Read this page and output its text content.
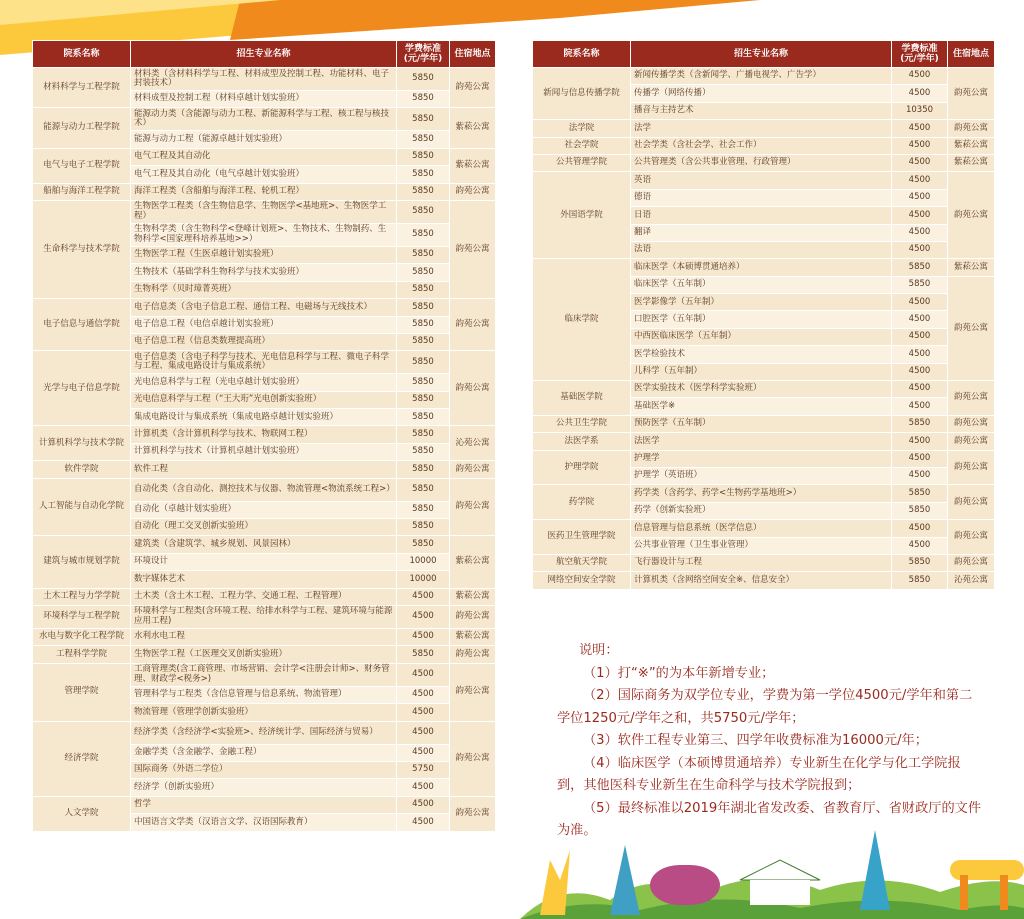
院系名称	招生专业名称	学费标准
(元/学年)	住宿地点
材料科学与工程学院	材料类（含材料科学与工程、材料成型及控制工程、功能材料、电子封装技术）	5850	韵苑公寓
	材料成型及控制工程（材料卓越计划实验班）	5850	
能源与动力工程学院	能源动力类（含能源与动力工程、新能源科学与工程、核工程与核技术）	5850	紫菘公寓
	能源与动力工程（能源卓越计划实验班）	5850	
电气与电子工程学院	电气工程及其自动化	5850	紫菘公寓
	电气工程及其自动化（电气卓越计划实验班）	5850	
船舶与海洋工程学院	海洋工程类（含船舶与海洋工程、轮机工程）	5850	韵苑公寓
生命科学与技术学院	生物医学工程类（含生物信息学、生物医学<基地班>、生物医学工程）	5850	韵苑公寓
	生物科学类（含生物科学<登峰计划班>、生物技术、生物制药、生物科学<国家理科培养基地>>）	5850	
	生物医学工程（生医卓越计划实验班）	5850	
	生物技术（基础学科生物科学与技术实验班）	5850	
	生物科学（贝时璋菁英班）	5850	
电子信息与通信学院	电子信息类（含电子信息工程、通信工程、电磁场与无线技术）	5850	韵苑公寓
	电子信息工程（电信卓越计划实验班）	5850	
	电子信息工程（信息类数理提高班）	5850	
光学与电子信息学院	电子信息类（含电子科学与技术、光电信息科学与工程、微电子科学与工程、集成电路设计与集成系统）	5850	韵苑公寓
	光电信息科学与工程（光电卓越计划实验班）	5850	
	光电信息科学与工程（“王大珩”光电创新实验班）	5850	
	集成电路设计与集成系统（集成电路卓越计划实验班）	5850	
计算机科学与技术学院	计算机类（含计算机科学与技术、物联网工程）	5850	沁苑公寓
	计算机科学与技术（计算机卓越计划实验班）	5850	
软件学院	软件工程	5850	韵苑公寓
人工智能与自动化学院	自动化类（含自动化、测控技术与仪器、物流管理<物流系统工程>）	5850	韵苑公寓
	自动化（卓越计划实验班）	5850	
	自动化（理工交叉创新实验班）	5850	
建筑与城市规划学院	建筑类（含建筑学、城乡规划、风景园林）	5850	紫菘公寓
	环境设计	10000	
	数字媒体艺术	10000	
土木工程与力学学院	土木类（含土木工程、工程力学、交通工程、工程管理）	4500	紫菘公寓
环境科学与工程学院	环境科学与工程类(含环境工程、给排水科学与工程、建筑环境与能源应用工程)	4500	韵苑公寓
水电与数字化工程学院	水利水电工程	4500	紫菘公寓
工程科学学院	生物医学工程（工医理交叉创新实验班）	5850	韵苑公寓
管理学院	工商管理类(含工商管理、市场营销、会计学<注册会计师>、财务管理、财政学<税务>)	4500	韵苑公寓
	管理科学与工程类（含信息管理与信息系统、物流管理）	4500	
	物流管理（管理学创新实验班）	4500	
经济学院	经济学类（含经济学<实验班>、经济统计学、国际经济与贸易）	4500	韵苑公寓
	金融学类（含金融学、金融工程）	4500	
	国际商务（外语二学位）	5750	
	经济学（创新实验班）	4500	
人文学院	哲学	4500	韵苑公寓
	中国语言文学类（汉语言文学、汉语国际教育）	4500	
院系名称	招生专业名称	学费标准
(元/学年)	住宿地点
新闻与信息传播学院	新闻传播学类（含新闻学、广播电视学、广告学）	4500	韵苑公寓
	传播学（网络传播）	4500	
	播音与主持艺术	10350	
法学院	法学	4500	韵苑公寓
社会学院	社会学类（含社会学、社会工作）	4500	紫菘公寓
公共管理学院	公共管理类（含公共事业管理、行政管理）	4500	紫菘公寓
外国语学院	英语	4500	韵苑公寓
	德语	4500	
	日语	4500	
	翻译	4500	
	法语	4500	
临床学院	临床医学（本硕博贯通培养）	5850	紫菘公寓
	临床医学（五年制）	5850	韵苑公寓
	医学影像学（五年制）	4500	
	口腔医学（五年制）	4500	
	中西医临床医学（五年制）	4500	
	医学检验技术	4500	
	儿科学（五年制）	4500	
基础医学院	医学实验技术（医学科学实验班）	4500	韵苑公寓
	基础医学※	4500	
公共卫生学院	预防医学（五年制）	5850	韵苑公寓
法医学系	法医学	4500	韵苑公寓
护理学院	护理学	4500	韵苑公寓
	护理学（英语班）	4500	
药学院	药学类（含药学、药学<生物药学基地班>）	5850	韵苑公寓
	药学（创新实验班）	5850	
医药卫生管理学院	信息管理与信息系统（医学信息）	4500	韵苑公寓
	公共事业管理（卫生事业管理）	4500	
航空航天学院	飞行器设计与工程	5850	韵苑公寓
网络空间安全学院	计算机类（含网络空间安全※、信息安全）	5850	沁苑公寓

说明：

（1）打“※”的为本年新增专业；

（2）国际商务为双学位专业，学费为第一学位4500元/学年和第二学位1250元/学年之和，共5750元/学年；

（3）软件工程专业第三、四学年收费标准为16000元/年；

（4）临床医学（本硕博贯通培养）专业新生在化学与化工学院报到，其他医科专业新生在生命科学与技术学院报到；

（5）最终标准以2019年湖北省发改委、省教育厅、省财政厅的文件为准。
